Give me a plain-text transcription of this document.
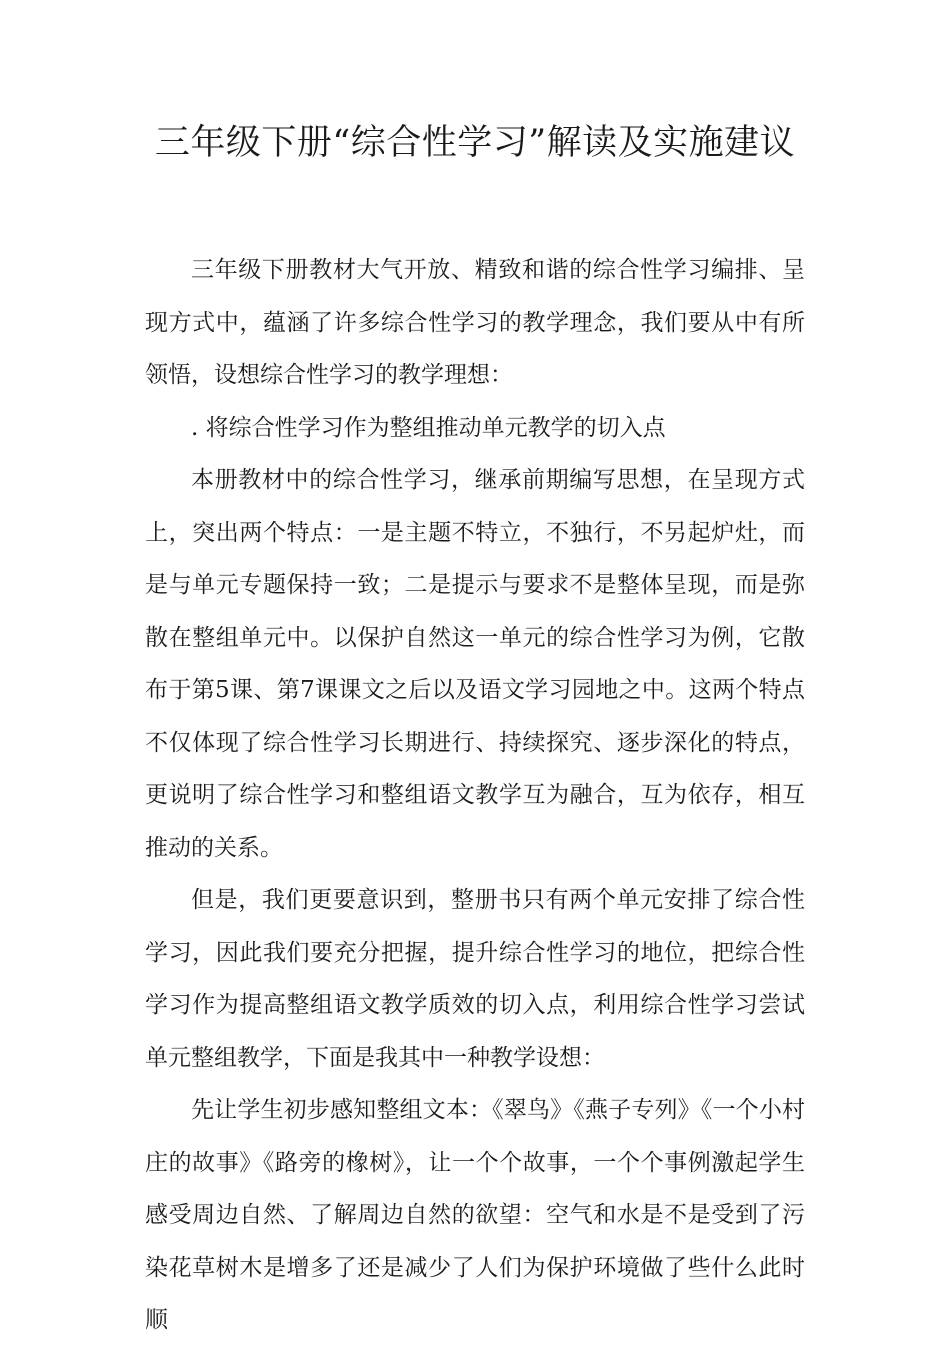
三年级下册“综合性学习”解读及实施建议

三年级下册教材大气开放、精致和谐的综合性学习编排、呈现方式中，蕴涵了许多综合性学习的教学理念，我们要从中有所领悟，设想综合性学习的教学理想：

. 将综合性学习作为整组推动单元教学的切入点

本册教材中的综合性学习，继承前期编写思想，在呈现方式上，突出两个特点：一是主题不特立，不独行，不另起炉灶，而是与单元专题保持一致；二是提示与要求不是整体呈现，而是弥散在整组单元中。以保护自然这一单元的综合性学习为例，它散布于第5课、第7课课文之后以及语文学习园地之中。这两个特点不仅体现了综合性学习长期进行、持续探究、逐步深化的特点，更说明了综合性学习和整组语文教学互为融合，互为依存，相互推动的关系。

但是，我们更要意识到，整册书只有两个单元安排了综合性学习，因此我们要充分把握，提升综合性学习的地位，把综合性学习作为提高整组语文教学质效的切入点，利用综合性学习尝试单元整组教学，下面是我其中一种教学设想：

先让学生初步感知整组文本：《翠鸟》《燕子专列》《一个小村庄的故事》《路旁的橡树》，让一个个故事，一个个事例激起学生感受周边自然、了解周边自然的欲望：空气和水是不是受到了污染花草树木是增多了还是减少了人们为保护环境做了些什么此时顺
